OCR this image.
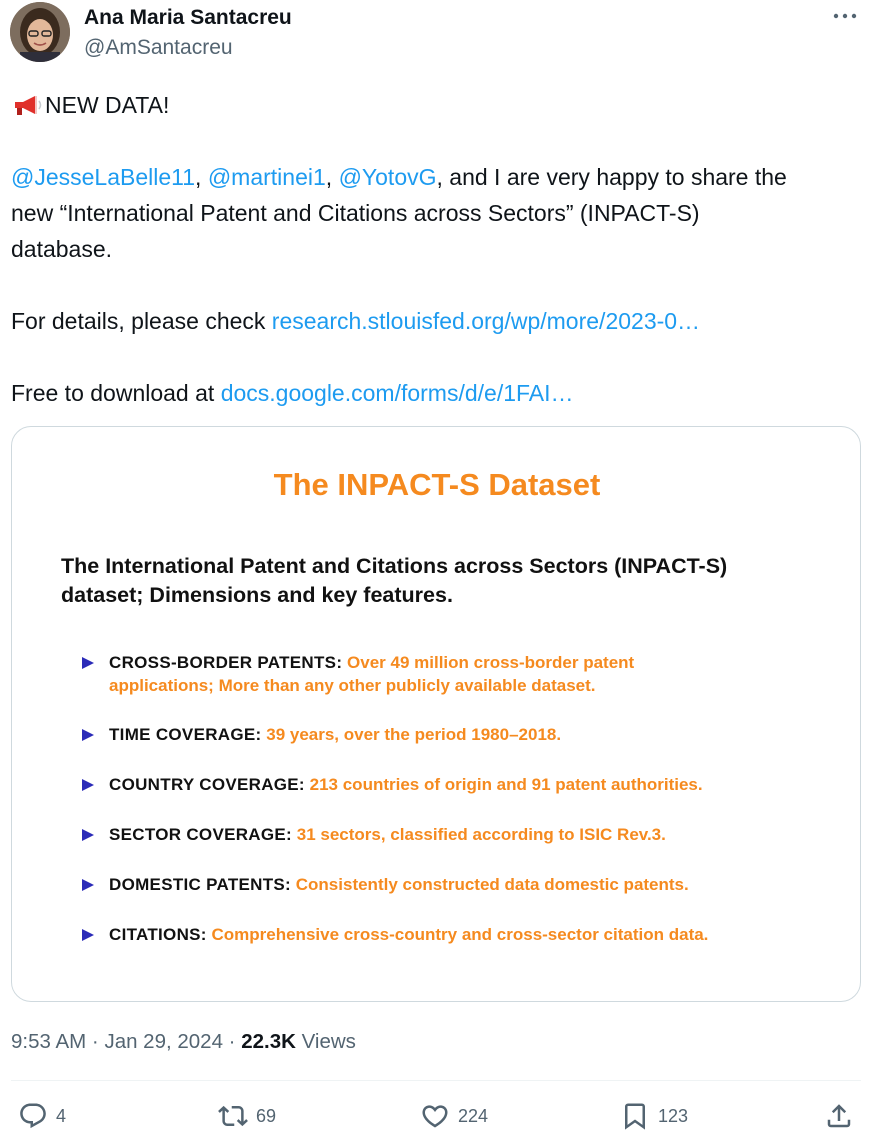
Ana Maria Santacreu
@AmSantacreu

NEW DATA!

@JesseLaBelle11, @martinei1, @YotovG, and I are very happy to share the

new “International Patent and Citations across Sectors” (INPACT-S)

database.

For details, please check research.stlouisfed.org/wp/more/2023-0…

Free to download at docs.google.com/forms/d/e/1FAI…

The INPACT-S Dataset
The International Patent and Citations across Sectors (INPACT-S)
dataset; Dimensions and key features.
CROSS-BORDER PATENTS: Over 49 million cross-border patent
applications; More than any other publicly available dataset.
TIME COVERAGE: 39 years, over the period 1980–2018.
COUNTRY COVERAGE: 213 countries of origin and 91 patent authorities.
SECTOR COVERAGE: 31 sectors, classified according to ISIC Rev.3.
DOMESTIC PATENTS: Consistently constructed data domestic patents.
CITATIONS: Comprehensive cross-country and cross-sector citation data.
9:53 AM · Jan 29, 2024 · 22.3K Views
4	69	224	123
